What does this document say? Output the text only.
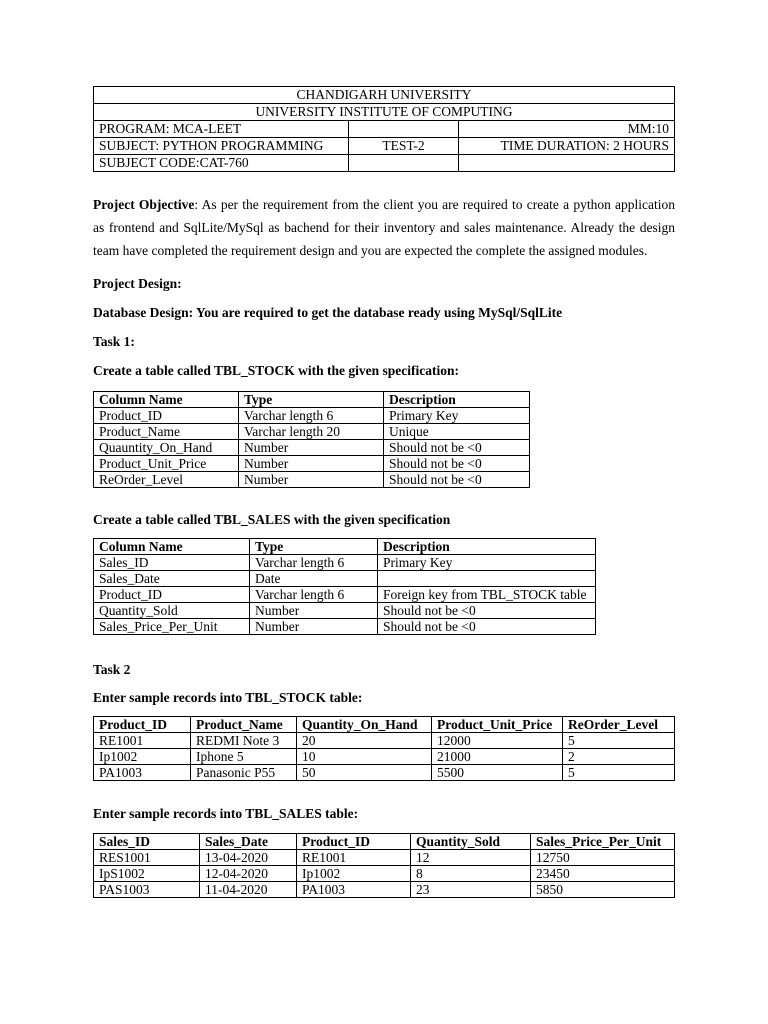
CHANDIGARH UNIVERSITY		
UNIVERSITY INSTITUTE OF COMPUTING		
PROGRAM: MCA-LEET		MM:10
SUBJECT: PYTHON PROGRAMMING	TEST-2	TIME DURATION: 2 HOURS
SUBJECT CODE:CAT-760		

Project Objective: As per the requirement from the client you are required to create a python application as frontend and SqlLite/MySql as bachend for their inventory and sales maintenance. Already the design team have completed the requirement design and you are expected the complete the assigned modules.

Project Design:

Database Design: You are required to get the database ready using MySql/SqlLite

Task 1:

Create a table called TBL_STOCK with the given specification:

Column Name	Type	Description
Product_ID	Varchar length 6	Primary Key
Product_Name	Varchar length 20	Unique
Quauntity_On_Hand	Number	Should not be <0
Product_Unit_Price	Number	Should not be <0
ReOrder_Level	Number	Should not be <0

Create a table called TBL_SALES with the given specification

Column Name	Type	Description
Sales_ID	Varchar length 6	Primary Key
Sales_Date	Date	
Product_ID	Varchar length 6	Foreign key from TBL_STOCK table
Quantity_Sold	Number	Should not be <0
Sales_Price_Per_Unit	Number	Should not be <0

Task 2

Enter sample records into TBL_STOCK table:

Product_ID	Product_Name	Quantity_On_Hand	Product_Unit_Price	ReOrder_Level
RE1001	REDMI Note 3	20	12000	5
Ip1002	Iphone 5	10	21000	2
PA1003	Panasonic P55	50	5500	5

Enter sample records into TBL_SALES table:

Sales_ID	Sales_Date	Product_ID	Quantity_Sold	Sales_Price_Per_Unit
RES1001	13-04-2020	RE1001	12	12750
IpS1002	12-04-2020	Ip1002	8	23450
PAS1003	11-04-2020	PA1003	23	5850
